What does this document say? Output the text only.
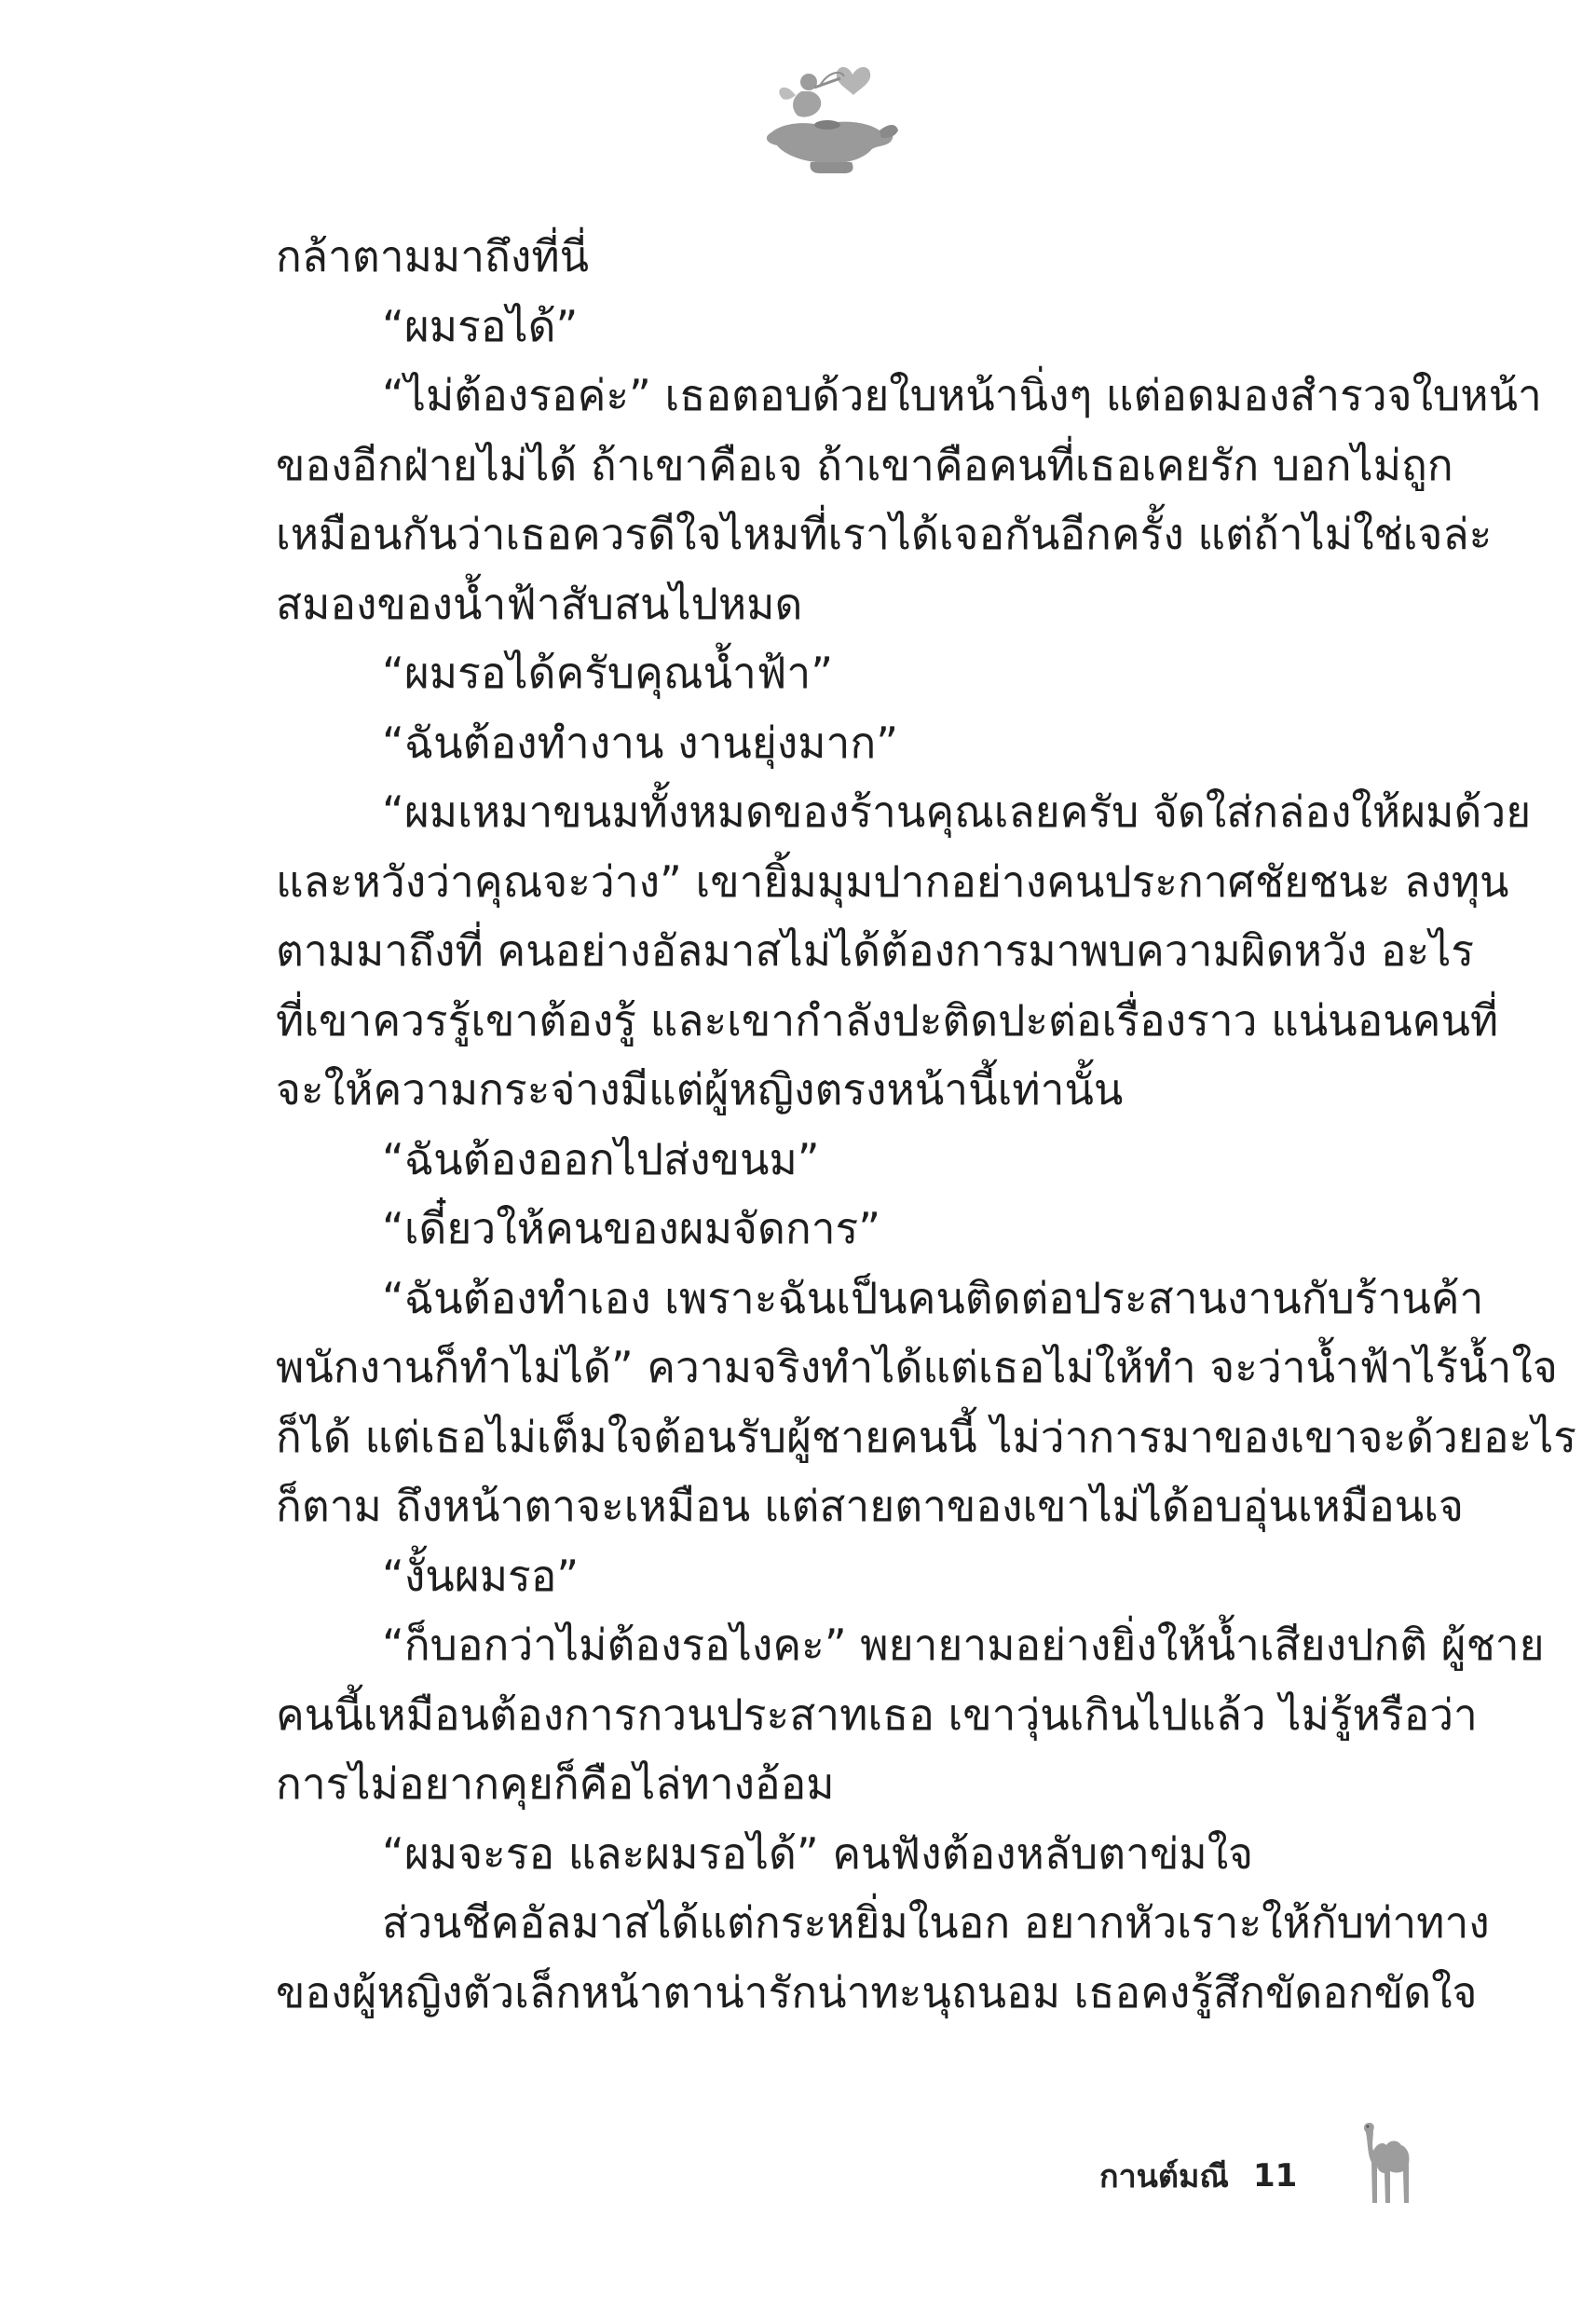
กล้าตามมาถึงที่นี่

“ผมรอได้”

“ไม่ต้องรอค่ะ” เธอตอบด้วยใบหน้านิ่งๆ แต่อดมองสำรวจใบหน้า

ของอีกฝ่ายไม่ได้ ถ้าเขาคือเจ ถ้าเขาคือคนที่เธอเคยรัก บอกไม่ถูก

เหมือนกันว่าเธอควรดีใจไหมที่เราได้เจอกันอีกครั้ง แต่ถ้าไม่ใช่เจล่ะ

สมองของน้ำฟ้าสับสนไปหมด

“ผมรอได้ครับคุณน้ำฟ้า”

“ฉันต้องทำงาน งานยุ่งมาก”

“ผมเหมาขนมทั้งหมดของร้านคุณเลยครับ จัดใส่กล่องให้ผมด้วย

และหวังว่าคุณจะว่าง” เขายิ้มมุมปากอย่างคนประกาศชัยชนะ ลงทุน

ตามมาถึงที่ คนอย่างอัลมาสไม่ได้ต้องการมาพบความผิดหวัง อะไร

ที่เขาควรรู้เขาต้องรู้ และเขากำลังปะติดปะต่อเรื่องราว แน่นอนคนที่

จะให้ความกระจ่างมีแต่ผู้หญิงตรงหน้านี้เท่านั้น

“ฉันต้องออกไปส่งขนม”

“เดี๋ยวให้คนของผมจัดการ”

“ฉันต้องทำเอง เพราะฉันเป็นคนติดต่อประสานงานกับร้านค้า

พนักงานก็ทำไม่ได้” ความจริงทำได้แต่เธอไม่ให้ทำ จะว่าน้ำฟ้าไร้น้ำใจ

ก็ได้ แต่เธอไม่เต็มใจต้อนรับผู้ชายคนนี้ ไม่ว่าการมาของเขาจะด้วยอะไร

ก็ตาม ถึงหน้าตาจะเหมือน แต่สายตาของเขาไม่ได้อบอุ่นเหมือนเจ

“งั้นผมรอ”

“ก็บอกว่าไม่ต้องรอไงคะ” พยายามอย่างยิ่งให้น้ำเสียงปกติ ผู้ชาย

คนนี้เหมือนต้องการกวนประสาทเธอ เขาวุ่นเกินไปแล้ว ไม่รู้หรือว่า

การไม่อยากคุยก็คือไล่ทางอ้อม

“ผมจะรอ และผมรอได้” คนฟังต้องหลับตาข่มใจ

ส่วนชีคอัลมาสได้แต่กระหยิ่มในอก อยากหัวเราะให้กับท่าทาง

ของผู้หญิงตัวเล็กหน้าตาน่ารักน่าทะนุถนอม เธอคงรู้สึกขัดอกขัดใจ

กานต์มณี 11
